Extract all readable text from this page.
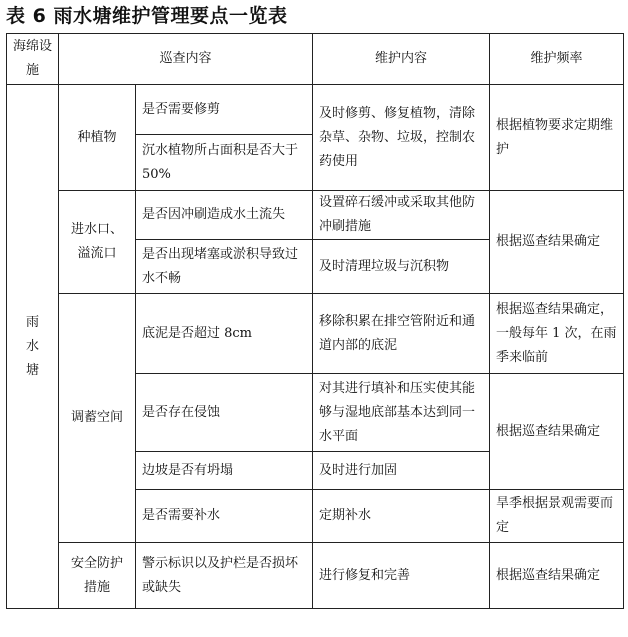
表 6 雨水塘维护管理要点一览表
海绵设施	巡查内容		维护内容	维护频率

雨
水
塘	种植物	是否需要修剪	及时修剪、修复植物，清除杂草、杂物、垃圾，控制农药使用	根据植物要求定期维护
		沉水植物所占面积是否大于 50%		
	进水口、溢流口	是否因冲刷造成水土流失	设置碎石缓冲或采取其他防冲刷措施	根据巡查结果确定
		是否出现堵塞或淤积导致过水不畅	及时清理垃圾与沉积物	
	调蓄空间	底泥是否超过 8cm	移除积累在排空管附近和通道内部的底泥	根据巡查结果确定，一般每年 1 次，在雨季来临前
		是否存在侵蚀	对其进行填补和压实使其能够与湿地底部基本达到同一水平面	根据巡查结果确定
		边坡是否有坍塌	及时进行加固	
		是否需要补水	定期补水	旱季根据景观需要而定
	安全防护措施	警示标识以及护栏是否损坏或缺失	进行修复和完善	根据巡查结果确定
